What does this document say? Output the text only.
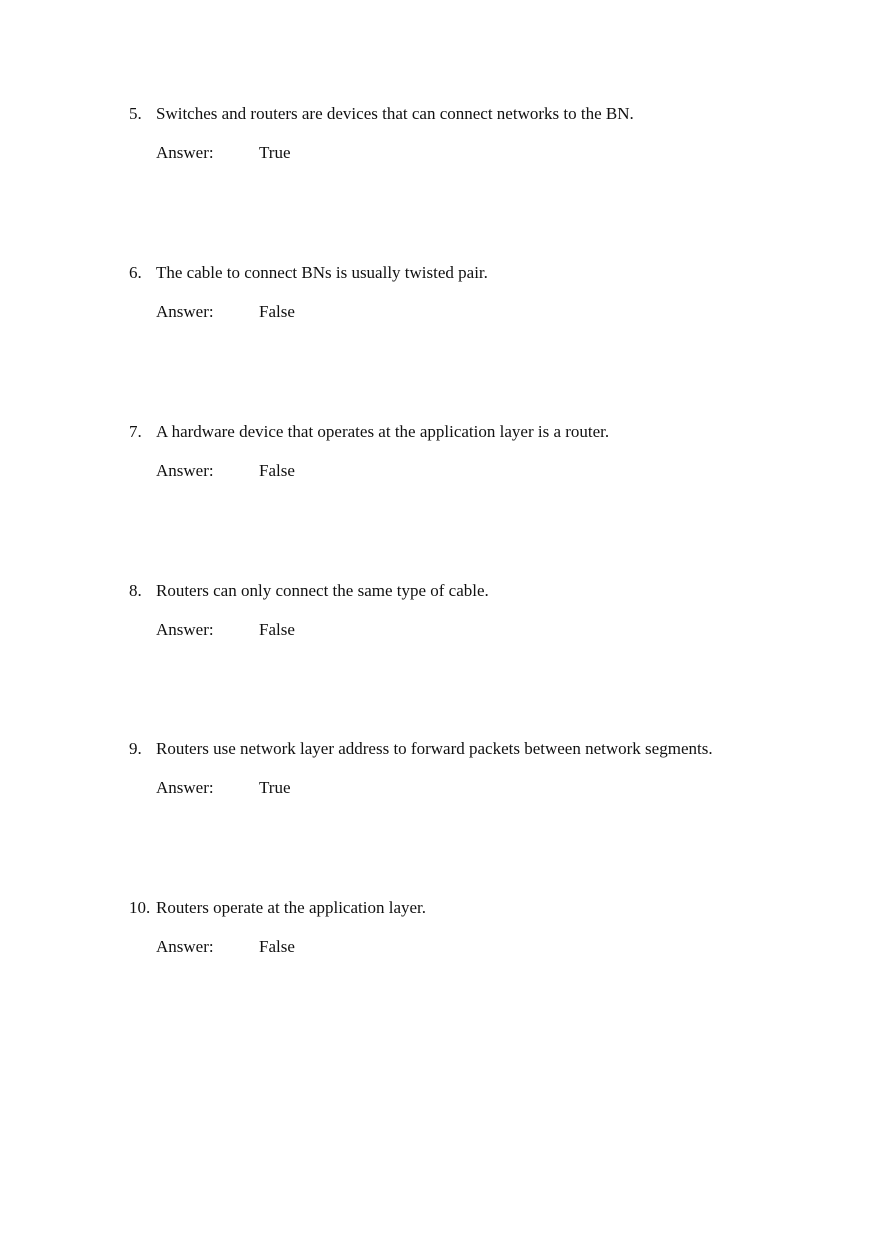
5. Switches and routers are devices that can connect networks to the BN.
Answer:	True
6. The cable to connect BNs is usually twisted pair.
Answer:	False
7. A hardware device that operates at the application layer is a router.
Answer:	False
8. Routers can only connect the same type of cable.
Answer:	False
9. Routers use network layer address to forward packets between network segments.
Answer:	True
10. Routers operate at the application layer.
Answer:	False
